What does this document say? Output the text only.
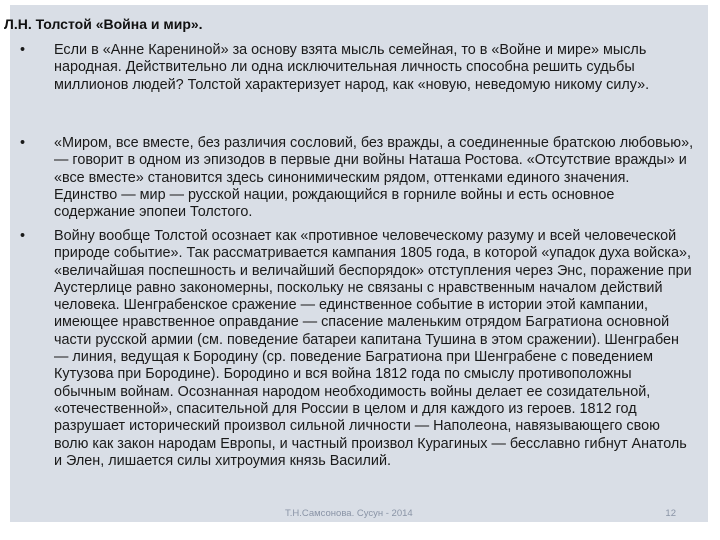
•	Если в «Анне Карениной» за основу взята мысль семейная, то в «Войне и мире» мысль народная. Действительно ли одна исключительная личность способна решить судьбы миллионов людей? Толстой характеризует народ, как «новую, неведомую никому силу».
•	«Миром, все вместе, без различия сословий, без вражды, а соединенные братскою любовью», — говорит в одном из эпизодов в первые дни войны Наташа Ростова. «Отсутствие вражды» и «все вместе» становится здесь синонимическим рядом, оттенками единого значения. Единство — мир — русской нации, рождающийся в горниле войны и есть основное содержание эпопеи Толстого.
•	Войну вообще Толстой осознает как «противное человеческому разуму и всей человеческой природе событие». Так рассматривается кампания 1805 года, в которой «упадок духа войска», «величайшая поспешность и величайший беспорядок» отступления через Энс, поражение при Аустерлице равно закономерны, поскольку не связаны с нравственным началом действий человека. Шенграбенское сражение — единственное событие в истории этой кампании, имеющее нравственное оправдание — спасение маленьким отрядом Багратиона основной части русской армии (см. поведение батареи капитана Тушина в этом сражении). Шенграбен — линия, ведущая к Бородину (ср. поведение Багратиона при Шенграбене с поведением Кутузова при Бородине). Бородино и вся война 1812 года по смыслу противоположны обычным войнам. Осознанная народом необходимость войны делает ее созидательной, «отечественной», спасительной для России в целом и для каждого из героев. 1812 год разрушает исторический произвол сильной личности — Наполеона, навязывающего свою волю как закон народам Европы, и частный произвол Курагиных — бесславно гибнут Анатоль и Элен, лишается силы хитроумия князь Василий.
Т.Н.Самсонова. Сусун - 2014	12
Л.Н. Толстой «Война и мир».
